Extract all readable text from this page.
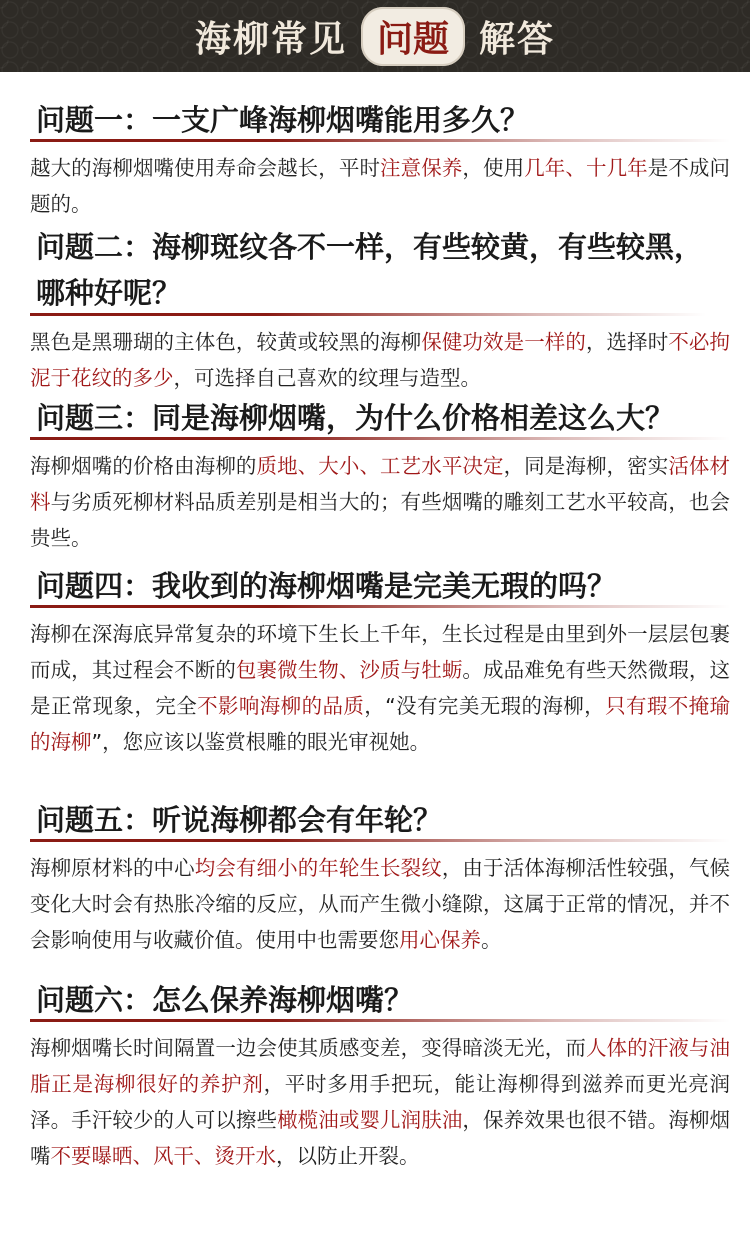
海柳常见 问题 解答
问题一：一支广峰海柳烟嘴能用多久？
越大的海柳烟嘴使用寿命会越长，平时注意保养，使用几年、十几年是不成问题的。
问题二：海柳斑纹各不一样，有些较黄，有些较黑，哪种好呢？
黑色是黑珊瑚的主体色，较黄或较黑的海柳保健功效是一样的，选择时不必拘泥于花纹的多少，可选择自己喜欢的纹理与造型。
问题三：同是海柳烟嘴，为什么价格相差这么大？
海柳烟嘴的价格由海柳的质地、大小、工艺水平决定，同是海柳，密实活体材料与劣质死柳材料品质差别是相当大的；有些烟嘴的雕刻工艺水平较高，也会贵些。
问题四：我收到的海柳烟嘴是完美无瑕的吗？
海柳在深海底异常复杂的环境下生长上千年，生长过程是由里到外一层层包裹而成，其过程会不断的包裹微生物、沙质与牡蛎。成品难免有些天然微瑕，这是正常现象，完全不影响海柳的品质，“没有完美无瑕的海柳，只有瑕不掩瑜的海柳”，您应该以鉴赏根雕的眼光审视她。
问题五：听说海柳都会有年轮？
海柳原材料的中心均会有细小的年轮生长裂纹，由于活体海柳活性较强，气候变化大时会有热胀冷缩的反应，从而产生微小缝隙，这属于正常的情况，并不会影响使用与收藏价值。使用中也需要您用心保养。
问题六：怎么保养海柳烟嘴？
海柳烟嘴长时间隔置一边会使其质感变差，变得暗淡无光，而人体的汗液与油脂正是海柳很好的养护剂，平时多用手把玩，能让海柳得到滋养而更光亮润泽。手汗较少的人可以擦些橄榄油或婴儿润肤油，保养效果也很不错。海柳烟嘴不要曝晒、风干、烫开水，以防止开裂。
